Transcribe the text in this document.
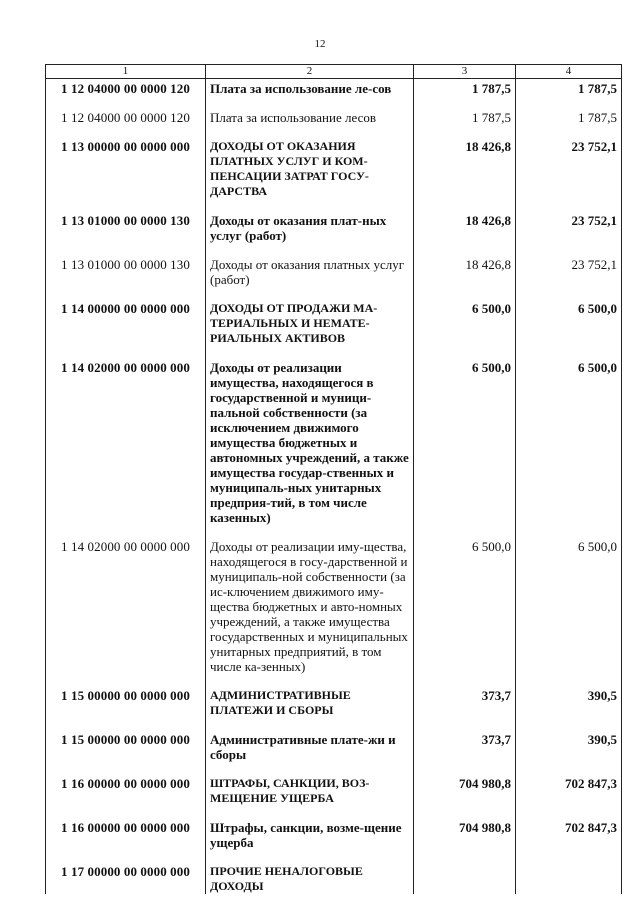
12
1	2	3	4
1 12 04000 00 0000 120	Плата за использование ле-сов	1 787,5	1 787,5
1 12 04000 00 0000 120	Плата за использование лесов	1 787,5	1 787,5
1 13 00000 00 0000 000	ДОХОДЫ ОТ ОКАЗАНИЯ ПЛАТНЫХ УСЛУГ И КОМ-ПЕНСАЦИИ ЗАТРАТ ГОСУ-ДАРСТВА	18 426,8	23 752,1
1 13 01000 00 0000 130	Доходы от оказания плат-ных услуг (работ)	18 426,8	23 752,1
1 13 01000 00 0000 130	Доходы от оказания платных услуг (работ)	18 426,8	23 752,1
1 14 00000 00 0000 000	ДОХОДЫ ОТ ПРОДАЖИ МА-ТЕРИАЛЬНЫХ И НЕМАТЕ-РИАЛЬНЫХ АКТИВОВ	6 500,0	6 500,0
1 14 02000 00 0000 000	Доходы от реализации имущества, находящегося в государственной и муници-пальной собственности (за исключением движимого имущества бюджетных и автономных учреждений, а также имущества государ-ственных и муниципаль-ных унитарных предприя-тий, в том числе казенных)	6 500,0	6 500,0
1 14 02000 00 0000 000	Доходы от реализации иму-щества, находящегося в госу-дарственной и муниципаль-ной собственности (за ис-ключением движимого иму-щества бюджетных и авто-номных учреждений, а также имущества государственных и муниципальных унитарных предприятий, в том числе ка-зенных)	6 500,0	6 500,0
1 15 00000 00 0000 000	АДМИНИСТРАТИВНЫЕ ПЛАТЕЖИ И СБОРЫ	373,7	390,5
1 15 00000 00 0000 000	Административные плате-жи и сборы	373,7	390,5
1 16 00000 00 0000 000	ШТРАФЫ, САНКЦИИ, ВОЗ-МЕЩЕНИЕ УЩЕРБА	704 980,8	702 847,3
1 16 00000 00 0000 000	Штрафы, санкции, возме-щение ущерба	704 980,8	702 847,3
1 17 00000 00 0000 000	ПРОЧИЕ НЕНАЛОГОВЫЕ ДОХОДЫ		
